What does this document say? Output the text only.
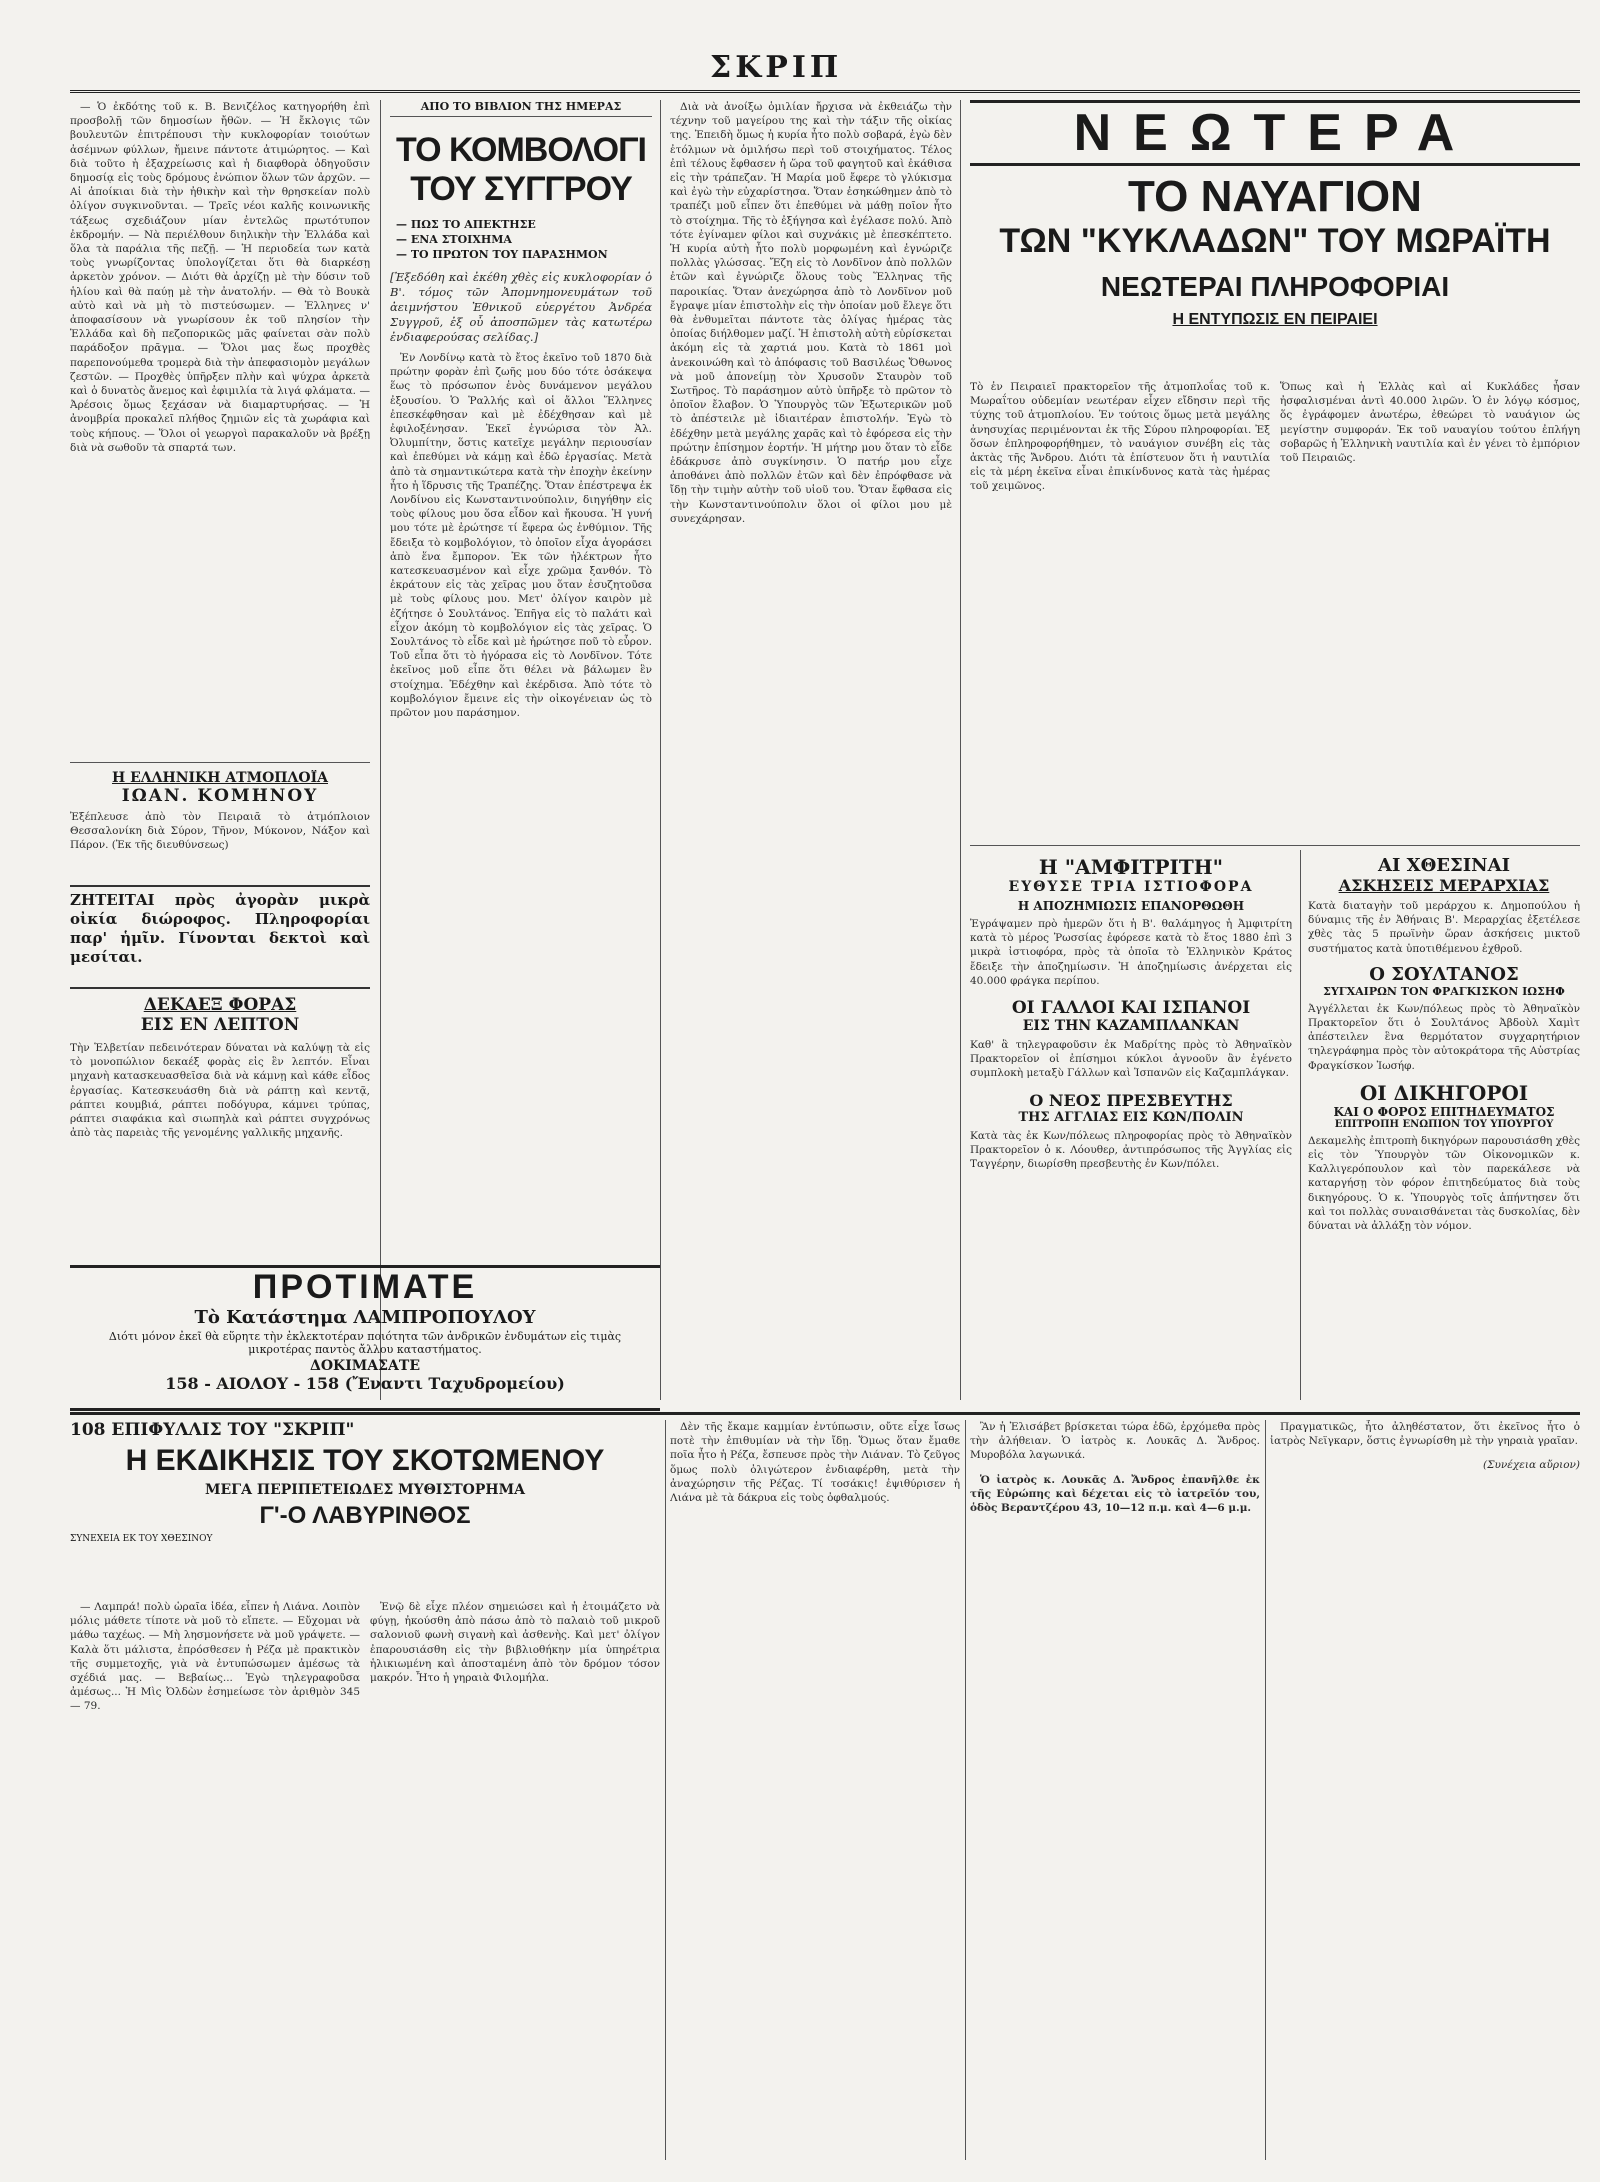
ΣΚΡΙΠ

— Ὁ ἐκδότης τοῦ κ. Β. Βενιζέλος κατηγορήθη ἐπὶ προσβολῇ τῶν δημοσίων ἤθῶν. — Ἡ ἔκλογις τῶν βουλευτῶν ἐπιτρέπουσι τὴν κυκλοφορίαν τοιούτων ἀσέμνων φύλλων, ἤμεινε πάντοτε ἀτιμώρητος. — Καὶ διὰ τοῦτο ἡ ἐξαχρείωσις καὶ ἡ διαφθορὰ ὁδηγοῦσιν δημοσίᾳ εἰς τοὺς δρόμους ἐνώπιον ὅλων τῶν ἀρχῶν. — Αἱ ἀποίκιαι διὰ τὴν ἠθικὴν καὶ τὴν θρησκείαν πολὺ ὀλίγον συγκινοῦνται. — Τρεῖς νέοι καλῆς κοινωνικῆς τάξεως σχεδιάζουν μίαν ἐντελῶς πρωτότυπον ἐκδρομήν. — Νὰ περιέλθουν διηλικὴν τὴν Ἑλλάδα καὶ ὅλα τὰ παράλια τῆς πεζῇ. — Ἡ περιοδεία των κατὰ τοὺς γνωρίζοντας ὑπολογίζεται ὅτι θὰ διαρκέσῃ ἀρκετὸν χρόνον. — Διότι θὰ ἀρχίζῃ μὲ τὴν δύσιν τοῦ ἡλίου καὶ θὰ παύῃ μὲ τὴν ἀνατολήν. — Θὰ τὸ Βουκὰ αὐτὸ καὶ νὰ μὴ τὸ πιστεύσωμεν. — Ἑλληνες ν' ἀποφασίσουν νὰ γνωρίσουν ἐκ τοῦ πλησίον τὴν Ἑλλάδα καὶ δὴ πεζοπορικῶς μᾶς φαίνεται σὰν πολὺ παράδοξον πρᾶγμα. — Ὅλοι μας ἕως προχθὲς παρεπονούμεθα τρομερὰ διὰ τὴν ἀπεφασιομὸν μεγάλων ζεστῶν. — Προχθὲς ὑπῆρξεν πλὴν καὶ ψύχρα ἀρκετὰ καὶ ὁ δυνατὸς ἄνεμος καὶ ἐφιμιλία τὰ λιγά φλάματα. — Ἀρέσοις ὅμως ξεχάσαν νὰ διαμαρτυρήσας. — Ἡ ἀνομβρία προκαλεῖ πλήθος ζημιῶν εἰς τὰ χωράφια καὶ τοὺς κήπους. — Ὅλοι οἱ γεωργοὶ παρακαλοῦν νὰ βρέξῃ διὰ νὰ σωθοῦν τὰ σπαρτά των.

Η ΕΛΛΗΝΙΚΗ ΑΤΜΟΠΛΟΪΑ
ΙΩΑΝ. ΚΟΜΗΝΟΥ
Ἐξέπλευσε ἀπὸ τὸν Πειραιᾶ τὸ ἀτμόπλοιον Θεσσαλονίκη διὰ Σύρον, Τῆνον, Μύκονον, Νάξον καὶ Πάρον. (Ἐκ τῆς διευθύνσεως)
ΖΗΤΕΙΤΑΙ πρὸς ἀγορὰν μικρὰ οἰκία διώροφος. Πληροφορίαι παρ' ἡμῖν. Γίνονται δεκτοὶ καὶ μεσίται.
ΔΕΚΑΕΞ ΦΟΡΑΣ
ΕΙΣ ΕΝ ΛΕΠΤΟΝ
Τὴν Ἑλβετίαν πεδεινότεραν δύναται νὰ καλύψῃ τὰ εἰς τὸ μονοπώλιον δεκαέξ φορὰς εἰς ἓν λεπτόν. Εἶναι μηχανὴ κατασκευασθεῖσα διὰ νὰ κάμνῃ καὶ κάθε εἶδος ἐργασίας. Κατεσκευάσθη διὰ νὰ ράπτῃ καὶ κεντᾷ, ράπτει κουμβιά, ράπτει ποδόγυρα, κάμνει τρύπας, ράπτει σιαφάκια καὶ σιωπηλὰ καὶ ράπτει συγχρόνως ἀπὸ τὰς παρειὰς τῆς γενομένης γαλλικῆς μηχανῆς.
ΑΠΟ ΤΟ ΒΙΒΛΙΟΝ ΤΗΣ ΗΜΕΡΑΣ
ΤΟ ΚΟΜΒΟΛΟΓΙ
ΤΟΥ ΣΥΓΓΡΟΥ
— ΠΩΣ ΤΟ ΑΠΕΚΤΗΣΕ
— ΕΝΑ ΣΤΟΙΧΗΜΑ
— ΤΟ ΠΡΩΤΟΝ ΤΟΥ ΠΑΡΑΣΗΜΟΝ
[Ἐξεδόθη καὶ ἐκέθη χθὲς εἰς κυκλοφορίαν ὁ Β'. τόμος τῶν Ἀπομνημονευμάτων τοῦ ἀειμνήστου Ἐθνικοῦ εὐεργέτου Ἀνδρέα Συγγροῦ, ἐξ οὗ ἀποσπῶμεν τὰς κατωτέρω ἐνδιαφερούσας σελίδας.]
Ἐν Λονδίνῳ κατὰ τὸ ἔτος ἐκεῖνο τοῦ 1870 διὰ πρώτην φορὰν ἐπὶ ζωῆς μου δύο τότε ὁσάκεψα ἕως τὸ πρόσωπον ἑνὸς δυνάμενον μεγάλου ἐξουσίου. Ὁ Ῥαλλής καὶ οἱ ἄλλοι Ἕλληνες ἐπεσκέφθησαν καὶ μὲ ἐδέχθησαν καὶ μὲ ἐφιλοξένησαν. Ἐκεῖ ἐγνώρισα τὸν Ἀλ. Ὀλυμπίτην, ὅστις κατεῖχε μεγάλην περιουσίαν καὶ ἐπεθύμει νὰ κάμῃ καὶ ἐδῶ ἐργασίας. Μετὰ ἀπὸ τὰ σημαντικώτερα κατὰ τὴν ἐποχὴν ἐκείνην ἦτο ἡ ἵδρυσις τῆς Τραπέζης. Ὅταν ἐπέστρεψα ἐκ Λονδίνου εἰς Κωνσταντινούπολιν, διηγήθην εἰς τοὺς φίλους μου ὅσα εἶδον καὶ ἤκουσα. Ἡ γυνή μου τότε μὲ ἐρώτησε τί ἔφερα ὡς ἐνθύμιον. Τῆς ἔδειξα τὸ κομβολόγιον, τὸ ὁποῖον εἶχα ἀγοράσει ἀπὸ ἕνα ἔμπορον. Ἐκ τῶν ἠλέκτρων ἦτο κατεσκευασμένον καὶ εἶχε χρῶμα ξανθόν. Τὸ ἐκράτουν εἰς τὰς χεῖρας μου ὅταν ἐσυζητοῦσα μὲ τοὺς φίλους μου. Μετ' ὀλίγον καιρὸν μὲ ἐζήτησε ὁ Σουλτάνος. Ἐπῆγα εἰς τὸ παλάτι καὶ εἶχον ἀκόμη τὸ κομβολόγιον εἰς τὰς χεῖρας. Ὁ Σουλτάνος τὸ εἶδε καὶ μὲ ἠρώτησε ποῦ τὸ εὗρον. Τοῦ εἶπα ὅτι τὸ ἠγόρασα εἰς τὸ Λονδῖνον. Τότε ἐκεῖνος μοῦ εἶπε ὅτι θέλει νὰ βάλωμεν ἓν στοίχημα. Ἐδέχθην καὶ ἐκέρδισα. Ἀπὸ τότε τὸ κομβολόγιον ἔμεινε εἰς τὴν οἰκογένειαν ὡς τὸ πρῶτον μου παράσημον.

Διὰ νὰ ἀνοίξω ὁμιλίαν ἤρχισα νὰ ἐκθειάζω τὴν τέχνην τοῦ μαγείρου της καὶ τὴν τάξιν τῆς οἰκίας της. Ἐπειδὴ ὅμως ἡ κυρία ἦτο πολὺ σοβαρά, ἐγὼ δὲν ἐτόλμων νὰ ὁμιλήσω περὶ τοῦ στοιχήματος. Τέλος ἐπὶ τέλους ἔφθασεν ἡ ὥρα τοῦ φαγητοῦ καὶ ἐκάθισα εἰς τὴν τράπεζαν. Ἡ Μαρία μοῦ ἔφερε τὸ γλύκισμα καὶ ἐγὼ τὴν εὐχαρίστησα. Ὅταν ἐσηκώθημεν ἀπὸ τὸ τραπέζι μοῦ εἶπεν ὅτι ἐπεθύμει νὰ μάθῃ ποῖον ἦτο τὸ στοίχημα. Τῆς τὸ ἐξήγησα καὶ ἐγέλασε πολύ. Ἀπὸ τότε ἐγίναμεν φίλοι καὶ συχνάκις μὲ ἐπεσκέπτετο. Ἡ κυρία αὐτὴ ἦτο πολὺ μορφωμένη καὶ ἐγνώριζε πολλὰς γλώσσας. Ἔζη εἰς τὸ Λονδῖνον ἀπὸ πολλῶν ἐτῶν καὶ ἐγνώριζε ὅλους τοὺς Ἕλληνας τῆς παροικίας. Ὅταν ἀνεχώρησα ἀπὸ τὸ Λονδῖνον μοῦ ἔγραψε μίαν ἐπιστολὴν εἰς τὴν ὁποίαν μοῦ ἔλεγε ὅτι θὰ ἐνθυμεῖται πάντοτε τὰς ὀλίγας ἡμέρας τὰς ὁποίας διήλθομεν μαζί. Ἡ ἐπιστολὴ αὐτὴ εὑρίσκεται ἀκόμη εἰς τὰ χαρτιά μου. Κατὰ τὸ 1861 μοὶ ἀνεκοινώθη καὶ τὸ ἀπόφασις τοῦ Βασιλέως Ὄθωνος νὰ μοῦ ἀπονείμῃ τὸν Χρυσοῦν Σταυρὸν τοῦ Σωτῆρος. Τὸ παράσημον αὐτὸ ὑπῆρξε τὸ πρῶτον τὸ ὁποῖον ἔλαβον. Ὁ Ὑπουργὸς τῶν Ἐξωτερικῶν μοῦ τὸ ἀπέστειλε μὲ ἰδιαιτέραν ἐπιστολήν. Ἐγὼ τὸ ἐδέχθην μετὰ μεγάλης χαρᾶς καὶ τὸ ἐφόρεσα εἰς τὴν πρώτην ἐπίσημον ἑορτήν. Ἡ μήτηρ μου ὅταν τὸ εἶδε ἐδάκρυσε ἀπὸ συγκίνησιν. Ὁ πατήρ μου εἶχε ἀποθάνει ἀπὸ πολλῶν ἐτῶν καὶ δὲν ἐπρόφθασε νὰ ἴδῃ τὴν τιμὴν αὐτὴν τοῦ υἱοῦ του. Ὅταν ἔφθασα εἰς τὴν Κωνσταντινούπολιν ὅλοι οἱ φίλοι μου μὲ συνεχάρησαν.

ΝΕΩΤΕΡΑ
ΤΟ ΝΑΥΑΓΙΟΝ
ΤΩΝ "ΚΥΚΛΑΔΩΝ" ΤΟΥ ΜΩΡΑΪΤΗ
ΝΕΩΤΕΡΑΙ ΠΛΗΡΟΦΟΡΙΑΙ
Η ΕΝΤΥΠΩΣΙΣ ΕΝ ΠΕΙΡΑΙΕΙ
Τὸ ἐν Πειραιεῖ πρακτορεῖον τῆς ἀτμοπλοΐας τοῦ κ. Μωραΐτου οὐδεμίαν νεωτέραν εἶχεν εἴδησιν περὶ τῆς τύχης τοῦ ἀτμοπλοίου. Ἐν τούτοις ὅμως μετὰ μεγάλης ἀνησυχίας περιμένονται ἐκ τῆς Σύρου πληροφορίαι. Ἐξ ὅσων ἐπληροφορήθημεν, τὸ ναυάγιον συνέβη εἰς τὰς ἀκτὰς τῆς Ἄνδρου. Διότι τὰ ἐπίστευον ὅτι ἡ ναυτιλία εἰς τὰ μέρη ἐκεῖνα εἶναι ἐπικίνδυνος κατὰ τὰς ἡμέρας τοῦ χειμῶνος.
Ὅπως καὶ ἡ Ἑλλὰς καὶ αἱ Κυκλάδες ἦσαν ἠσφαλισμέναι ἀντὶ 40.000 λιρῶν. Ὁ ἐν λόγῳ κόσμος, ὅς ἐγράφομεν ἀνωτέρω, ἐθεώρει τὸ ναυάγιον ὡς μεγίστην συμφοράν. Ἐκ τοῦ ναυαγίου τούτου ἐπλήγη σοβαρῶς ἡ Ἑλληνικὴ ναυτιλία καὶ ἐν γένει τὸ ἐμπόριον τοῦ Πειραιῶς.
Η "ΑΜΦΙΤΡΙΤΗ"
ΕΥΘΥΣΕ ΤΡΙΑ ΙΣΤΙΟΦΟΡΑ
Η ΑΠΟΖΗΜΙΩΣΙΣ ΕΠΑΝΟΡΘΩΘΗ
Ἐγράψαμεν πρὸ ἡμερῶν ὅτι ἡ Β'. θαλάμηγος ἡ Ἀμφιτρίτη κατὰ τὸ μέρος Ῥωσσίας ἐφόρεσε κατὰ τὸ ἔτος 1880 ἐπὶ 3 μικρὰ ἱστιοφόρα, πρὸς τὰ ὁποῖα τὸ Ἑλληνικὸν Κράτος ἔδειξε τὴν ἀποζημίωσιν. Ἡ ἀποζημίωσις ἀνέρχεται εἰς 40.000 φράγκα περίπου.
ΟΙ ΓΑΛΛΟΙ ΚΑΙ ΙΣΠΑΝΟΙ
ΕΙΣ ΤΗΝ ΚΑΖΑΜΠΛΑΝΚΑΝ
Καθ' ἃ τηλεγραφοῦσιν ἐκ Μαδρίτης πρὸς τὸ Ἀθηναϊκὸν Πρακτορεῖον οἱ ἐπίσημοι κύκλοι ἀγνοοῦν ἂν ἐγένετο συμπλοκὴ μεταξὺ Γάλλων καὶ Ἱσπανῶν εἰς Καζαμπλάγκαν.
Ο ΝΕΟΣ ΠΡΕΣΒΕΥΤΗΣ
ΤΗΣ ΑΓΓΛΙΑΣ ΕΙΣ ΚΩΝ/ΠΟΛΙΝ
Κατὰ τὰς ἐκ Κων/πόλεως πληροφορίας πρὸς τὸ Ἀθηναϊκὸν Πρακτορεῖον ὁ κ. Λόουθερ, ἀντιπρόσωπος τῆς Ἀγγλίας εἰς Ταγγέρην, διωρίσθη πρεσβευτὴς ἐν Κων/πόλει.
ΑΙ ΧΘΕΣΙΝΑΙ
ΑΣΚΗΣΕΙΣ ΜΕΡΑΡΧΙΑΣ
Κατὰ διαταγὴν τοῦ μεράρχου κ. Δημοπούλου ἡ δύναμις τῆς ἐν Ἀθήναις Β'. Μεραρχίας ἐξετέλεσε χθὲς τὰς 5 πρωϊνὴν ὥραν ἀσκήσεις μικτοῦ συστήματος κατὰ ὑποτιθέμενου ἐχθροῦ.
Ο ΣΟΥΛΤΑΝΟΣ
ΣΥΓΧΑΙΡΩΝ ΤΟΝ ΦΡΑΓΚΙΣΚΟΝ ΙΩΣΗΦ
Ἀγγέλλεται ἐκ Κων/πόλεως πρὸς τὸ Ἀθηναϊκὸν Πρακτορεῖον ὅτι ὁ Σουλτάνος Ἀβδοὺλ Χαμὶτ ἀπέστειλεν ἓνα θερμότατον συγχαρητήριον τηλεγράφημα πρὸς τὸν αὐτοκράτορα τῆς Αὐστρίας Φραγκίσκον Ἰωσήφ.
ΟΙ ΔΙΚΗΓΟΡΟΙ
ΚΑΙ Ο ΦΟΡΟΣ ΕΠΙΤΗΔΕΥΜΑΤΟΣ
ΕΠΙΤΡΟΠΗ ΕΝΩΠΙΟΝ ΤΟΥ ΥΠΟΥΡΓΟΥ
Δεκαμελὴς ἐπιτροπὴ δικηγόρων παρουσιάσθη χθὲς εἰς τὸν Ὑπουργὸν τῶν Οἰκονομικῶν κ. Καλλιγερόπουλον καὶ τὸν παρεκάλεσε νὰ καταργήσῃ τὸν φόρον ἐπιτηδεύματος διὰ τοὺς δικηγόρους. Ὁ κ. Ὑπουργὸς τοῖς ἀπήντησεν ὅτι καὶ τοι πολλὰς συναισθάνεται τὰς δυσκολίας, δὲν δύναται νὰ ἀλλάξῃ τὸν νόμον.
ΠΡΟΤΙΜΑΤΕ
Τὸ Κατάστημα ΛΑΜΠΡΟΠΟΥΛΟΥ
Διότι μόνον ἐκεῖ θὰ εὕρητε τὴν ἐκλεκτοτέραν ποιότητα τῶν ἀνδρικῶν ἐνδυμάτων εἰς τιμὰς μικροτέρας παντὸς ἄλλου καταστήματος.
ΔΟΚΙΜΑΣΑΤΕ
158 - ΑΙΟΛΟΥ - 158 (Ἔναντι Ταχυδρομείου)
108 ΕΠΙΦΥΛΛΙΣ ΤΟΥ "ΣΚΡΙΠ"
Η ΕΚΔΙΚΗΣΙΣ ΤΟΥ ΣΚΟΤΩΜΕΝΟΥ
ΜΕΓΑ ΠΕΡΙΠΕΤΕΙΩΔΕΣ ΜΥΘΙΣΤΟΡΗΜΑ
Γ'-Ο ΛΑΒΥΡΙΝΘΟΣ
ΣΥΝΕΧΕΙΑ ΕΚ ΤΟΥ ΧΘΕΣΙΝΟΥ

— Λαμπρά! πολὺ ὡραῖα ἰδέα, εἶπεν ἡ Λιάνα. Λοιπὸν μόλις μάθετε τίποτε νὰ μοῦ τὸ εἴπετε. — Εὔχομαι νὰ μάθω ταχέως. — Μὴ λησμονήσετε νὰ μοῦ γράψετε. — Καλὰ ὅτι μάλιστα, ἐπρόσθεσεν ἡ Ρέζα μὲ πρακτικὸν τῆς συμμετοχῆς, γιὰ νὰ ἐντυπώσωμεν ἀμέσως τὰ σχέδιά μας. — Βεβαίως... Ἐγὼ τηλεγραφοῦσα ἀμέσως... Ἡ Μὶς Ὀλδὼν ἐσημείωσε τὸν ἀριθμὸν 345 — 79.

Ἐνῷ δὲ εἶχε πλέον σημειώσει καὶ ἡ ἐτοιμάζετο νὰ φύγῃ, ἠκούσθη ἀπὸ πάσω ἀπὸ τὸ παλαιὸ τοῦ μικροῦ σαλονιοῦ φωνὴ σιγανὴ καὶ ἀσθενὴς. Καὶ μετ' ὀλίγον ἐπαρουσιάσθη εἰς τὴν βιβλιοθήκην μία ὑπηρέτρια ἡλικιωμένη καὶ ἀποσταμένη ἀπὸ τὸν δρόμον τόσον μακρόν. Ἦτο ἡ γηραιὰ Φιλομήλα.

Δὲν τῆς ἔκαμε καμμίαν ἐντύπωσιν, οὔτε εἶχε ἴσως ποτὲ τὴν ἐπιθυμίαν νὰ τὴν ἴδῃ. Ὅμως ὅταν ἔμαθε ποῖα ἦτο ἡ Ρέζα, ἔσπευσε πρὸς τὴν Λιάναν. Τὸ ζεῦγος ὅμως πολὺ ὀλιγώτερον ἐνδιαφέρθη, μετὰ τὴν ἀναχώρησιν τῆς Ρέζας. Τί τοσάκις! ἐψιθύρισεν ἡ Λιάνα μὲ τὰ δάκρυα εἰς τοὺς ὀφθαλμούς.

Ἂν ἡ Ἐλισάβετ βρίσκεται τώρα ἐδῶ, ἐρχόμεθα πρὸς τὴν ἀλήθειαν. Ὁ ἰατρὸς κ. Λουκᾶς Δ. Ἅνδρος. Μυροβόλα λαγωνικά.

Ὁ ἰατρὸς κ. Λουκᾶς Δ. Ἄνδρος ἐπανῆλθε ἐκ τῆς Εὐρώπης καὶ δέχεται εἰς τὸ ἰατρεῖόν του, ὁδὸς Βεραντζέρου 43, 10—12 π.μ. καὶ 4—6 μ.μ.

Πραγματικῶς, ἦτο ἀληθέστατον, ὅτι ἐκεῖνος ἦτο ὁ ἰατρὸς Νεϊγκαρν, ὅστις ἐγνωρίσθη μὲ τὴν γηραιὰ γραῖαν.

(Συνέχεια αὔριον)
